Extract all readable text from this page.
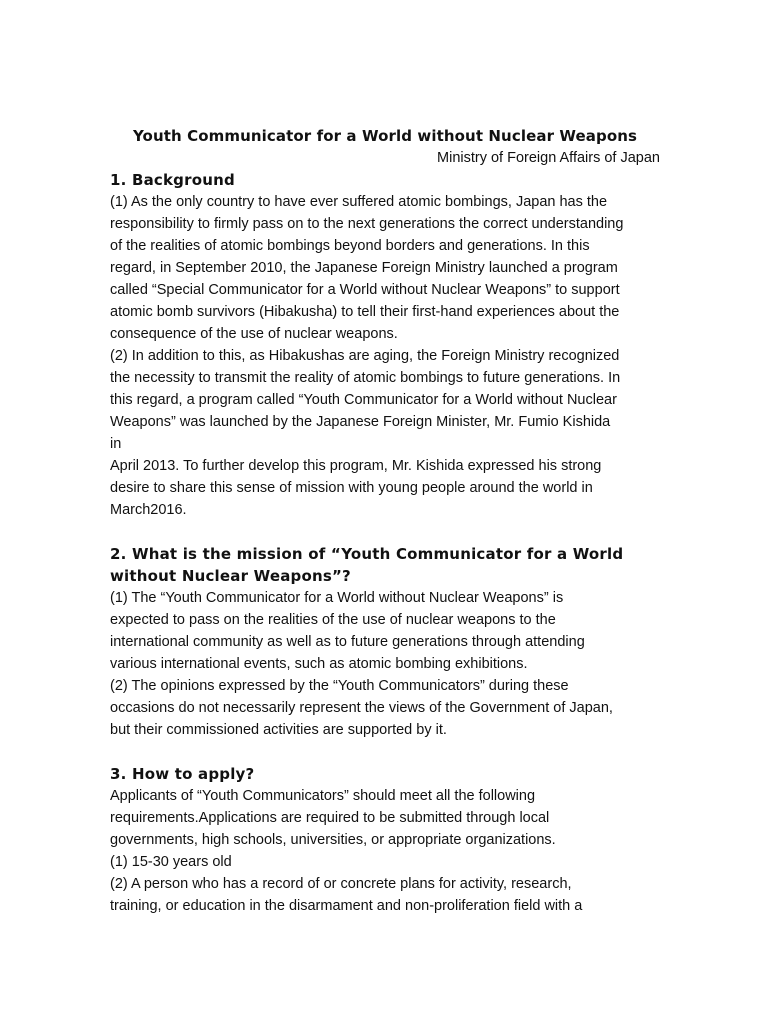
Youth Communicator for a World without Nuclear Weapons

Ministry of Foreign Affairs of Japan

1. Background

(1) As the only country to have ever suffered atomic bombings, Japan has the

responsibility to firmly pass on to the next generations the correct understanding

of the realities of atomic bombings beyond borders and generations. In this

regard, in September 2010, the Japanese Foreign Ministry launched a program

called “Special Communicator for a World without Nuclear Weapons” to support

atomic bomb survivors (Hibakusha) to tell their first-hand experiences about the

consequence of the use of nuclear weapons.

(2) In addition to this, as Hibakushas are aging, the Foreign Ministry recognized

the necessity to transmit the reality of atomic bombings to future generations. In

this regard, a program called “Youth Communicator for a World without Nuclear

Weapons” was launched by the Japanese Foreign Minister, Mr. Fumio Kishida

in

April 2013. To further develop this program, Mr. Kishida expressed his strong

desire to share this sense of mission with young people around the world in

March2016.

2. What is the mission of “Youth Communicator for a World

without Nuclear Weapons”?

(1) The “Youth Communicator for a World without Nuclear Weapons” is

expected to pass on the realities of the use of nuclear weapons to the

international community as well as to future generations through attending

various international events, such as atomic bombing exhibitions.

(2) The opinions expressed by the “Youth Communicators” during these

occasions do not necessarily represent the views of the Government of Japan,

but their commissioned activities are supported by it.

3. How to apply?

Applicants of “Youth Communicators” should meet all the following

requirements.Applications are required to be submitted through local

governments, high schools, universities, or appropriate organizations.

(1) 15-30 years old

(2) A person who has a record of or concrete plans for activity, research,

training, or education in the disarmament and non-proliferation field with a
